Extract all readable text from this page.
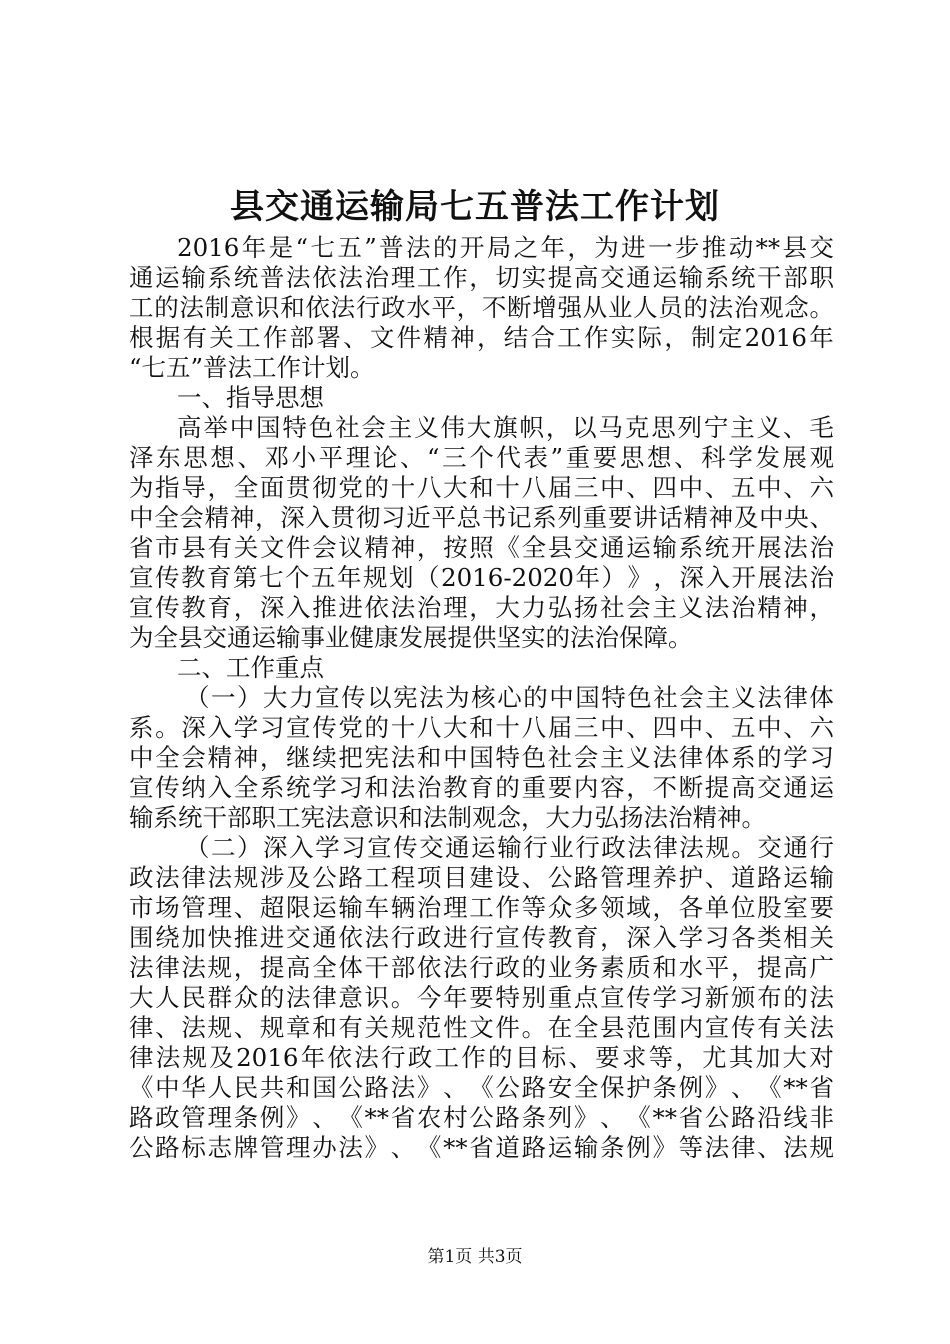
县交通运输局七五普法工作计划
2016 年 是 “ 七 五 ” 普 法 的 开 局 之 年 ， 为 进 一 步 推 动 ** 县 交
通 运 输 系 统 普 法 依 法 治 理 工 作 ， 切 实 提 高 交 通 运 输 系 统 干 部 职
工 的 法 制 意 识 和 依 法 行 政 水 平 ， 不 断 增 强 从 业 人 员 的 法 治 观 念 。
根 据 有 关 工 作 部 署 、 文 件 精 神 ， 结 合 工 作 实 际 ， 制 定 2016 年
“七五”普法工作计划。
一、指导思想
高 举 中 国 特 色 社 会 主 义 伟 大 旗 帜 ， 以 马 克 思 列 宁 主 义 、 毛
泽 东 思 想 、 邓 小 平 理 论 、 “ 三 个 代 表 ” 重 要 思 想 、 科 学 发 展 观
为 指 导 ， 全 面 贯 彻 党 的 十 八 大 和 十 八 届 三 中 、 四 中 、 五 中 、 六
中 全 会 精 神 ， 深 入 贯 彻 习 近 平 总 书 记 系 列 重 要 讲 话 精 神 及 中 央 、
省 市 县 有 关 文 件 会 议 精 神 ， 按 照 《 全 县 交 通 运 输 系 统 开 展 法 治
宣 传 教 育 第 七 个 五 年 规 划 （ 2016-2020 年 ） 》 ， 深 入 开 展 法 治
宣 传 教 育 ， 深 入 推 进 依 法 治 理 ， 大 力 弘 扬 社 会 主 义 法 治 精 神 ，
为全县交通运输事业健康发展提供坚实的法治保障。
二、工作重点
（ 一 ） 大 力 宣 传 以 宪 法 为 核 心 的 中 国 特 色 社 会 主 义 法 律 体
系 。 深 入 学 习 宣 传 党 的 十 八 大 和 十 八 届 三 中 、 四 中 、 五 中 、 六
中 全 会 精 神 ， 继 续 把 宪 法 和 中 国 特 色 社 会 主 义 法 律 体 系 的 学 习
宣 传 纳 入 全 系 统 学 习 和 法 治 教 育 的 重 要 内 容 ， 不 断 提 高 交 通 运
输系统干部职工宪法意识和法制观念，大力弘扬法治精神。
（ 二 ） 深 入 学 习 宣 传 交 通 运 输 行 业 行 政 法 律 法 规 。 交 通 行
政 法 律 法 规 涉 及 公 路 工 程 项 目 建 设 、 公 路 管 理 养 护 、 道 路 运 输
市 场 管 理 、 超 限 运 输 车 辆 治 理 工 作 等 众 多 领 域 ， 各 单 位 股 室 要
围 绕 加 快 推 进 交 通 依 法 行 政 进 行 宣 传 教 育 ， 深 入 学 习 各 类 相 关
法 律 法 规 ， 提 高 全 体 干 部 依 法 行 政 的 业 务 素 质 和 水 平 ， 提 高 广
大 人 民 群 众 的 法 律 意 识 。 今 年 要 特 别 重 点 宣 传 学 习 新 颁 布 的 法
律 、 法 规 、 规 章 和 有 关 规 范 性 文 件 。 在 全 县 范 围 内 宣 传 有 关 法
律 法 规 及 2016 年 依 法 行 政 工 作 的 目 标 、 要 求 等 ， 尤 其 加 大 对
《 中 华 人 民 共 和 国 公 路 法 》 、 《 公 路 安 全 保 护 条 例 》 、 《 ** 省
路 政 管 理 条 例 》 、 《 ** 省 农 村 公 路 条 列 》 、 《 ** 省 公 路 沿 线 非
公 路 标 志 牌 管 理 办 法 》 、 《 ** 省 道 路 运 输 条 例 》 等 法 律 、 法 规
第1页 共3页
